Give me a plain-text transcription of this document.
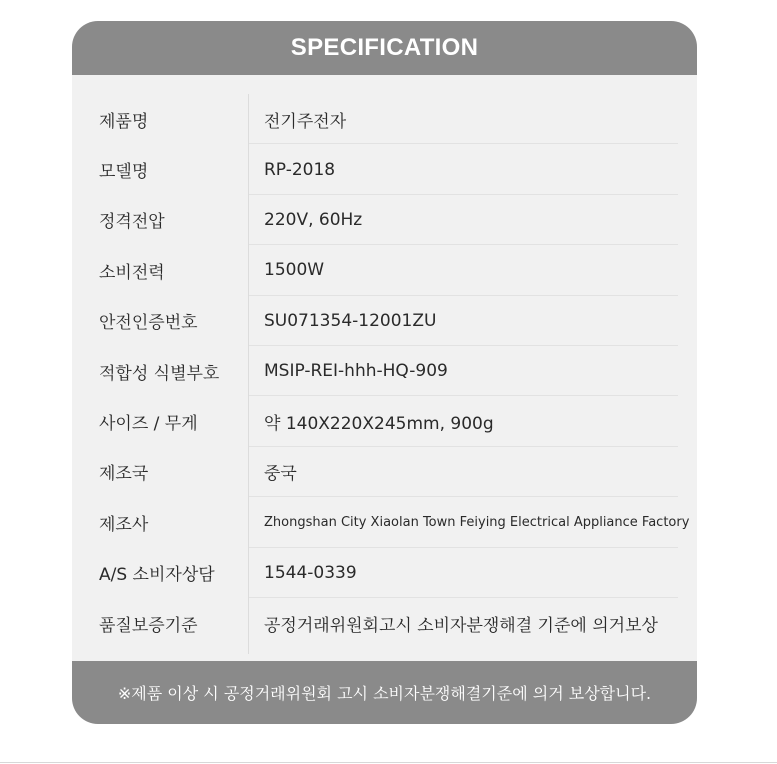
SPECIFICATION
제품명	전기주전자
모델명	RP-2018
정격전압	220V, 60Hz
소비전력	1500W
안전인증번호	SU071354-12001ZU
적합성 식별부호	MSIP-REI-hhh-HQ-909
사이즈 / 무게	약 140X220X245mm, 900g
제조국	중국
제조사	Zhongshan City Xiaolan Town Feiying Electrical Appliance Factory
A/S 소비자상담	1544-0339
품질보증기준	공정거래위원회고시 소비자분쟁해결 기준에 의거보상

※제품 이상 시 공정거래위원회 고시 소비자분쟁해결기준에 의거 보상합니다.
